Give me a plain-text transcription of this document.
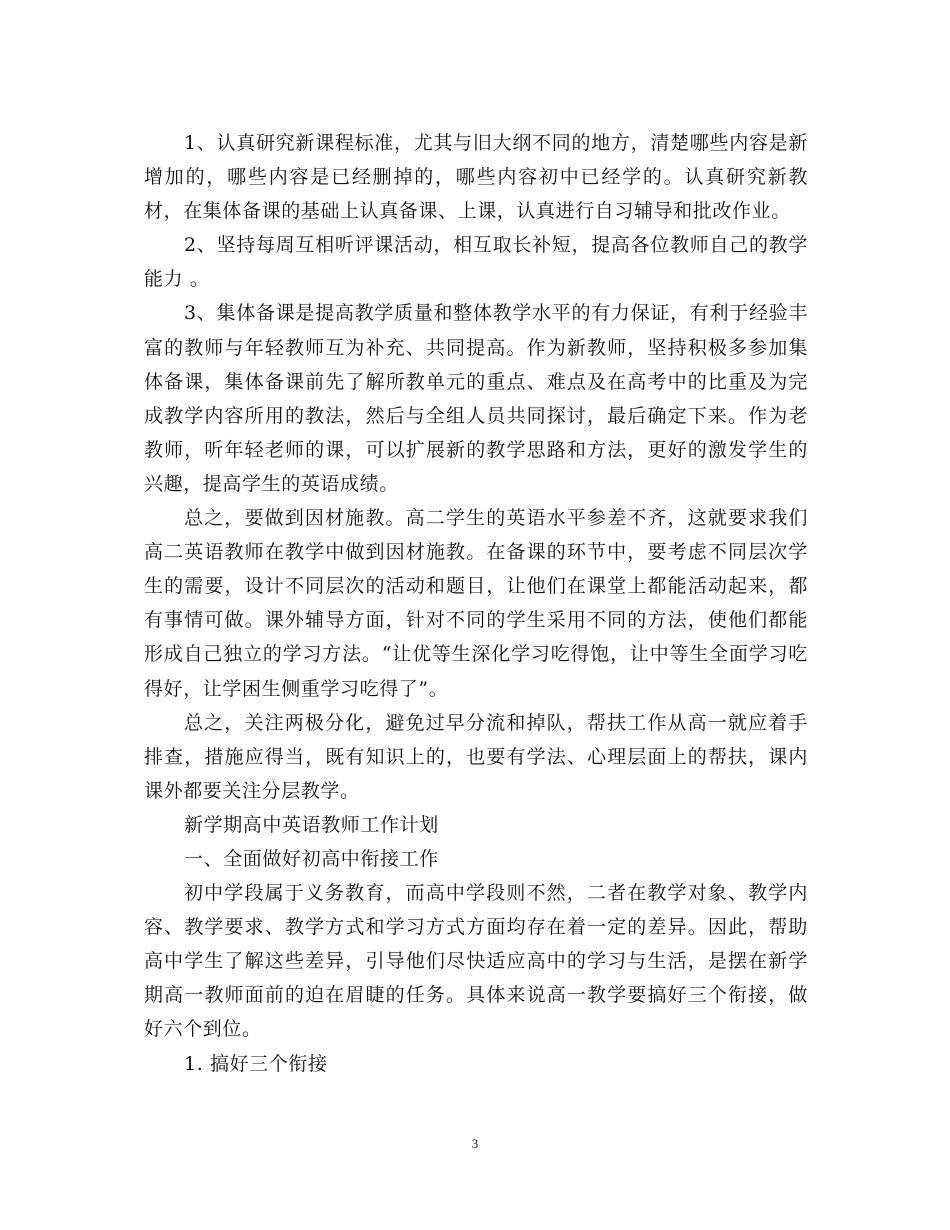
1、认真研究新课程标准，尤其与旧大纲不同的地方，清楚哪些内容是新增加的，哪些内容是已经删掉的，哪些内容初中已经学的。认真研究新教材，在集体备课的基础上认真备课、上课，认真进行自习辅导和批改作业。

2、坚持每周互相听评课活动，相互取长补短，提高各位教师自己的教学能力 。

3、集体备课是提高教学质量和整体教学水平的有力保证，有利于经验丰富的教师与年轻教师互为补充、共同提高。作为新教师，坚持积极多参加集体备课，集体备课前先了解所教单元的重点、难点及在高考中的比重及为完成教学内容所用的教法，然后与全组人员共同探讨，最后确定下来。作为老教师，听年轻老师的课，可以扩展新的教学思路和方法，更好的激发学生的兴趣，提高学生的英语成绩。

总之，要做到因材施教。高二学生的英语水平参差不齐，这就要求我们高二英语教师在教学中做到因材施教。在备课的环节中，要考虑不同层次学生的需要，设计不同层次的活动和题目，让他们在课堂上都能活动起来，都有事情可做。课外辅导方面，针对不同的学生采用不同的方法，使他们都能形成自己独立的学习方法。“让优等生深化学习吃得饱，让中等生全面学习吃得好，让学困生侧重学习吃得了”。

总之，关注两极分化，避免过早分流和掉队，帮扶工作从高一就应着手排查，措施应得当，既有知识上的，也要有学法、心理层面上的帮扶，课内课外都要关注分层教学。

新学期高中英语教师工作计划

一、全面做好初高中衔接工作

初中学段属于义务教育，而高中学段则不然，二者在教学对象、教学内容、教学要求、教学方式和学习方式方面均存在着一定的差异。因此，帮助高中学生了解这些差异，引导他们尽快适应高中的学习与生活，是摆在新学期高一教师面前的迫在眉睫的任务。具体来说高一教学要搞好三个衔接，做好六个到位。

1. 搞好三个衔接

3
